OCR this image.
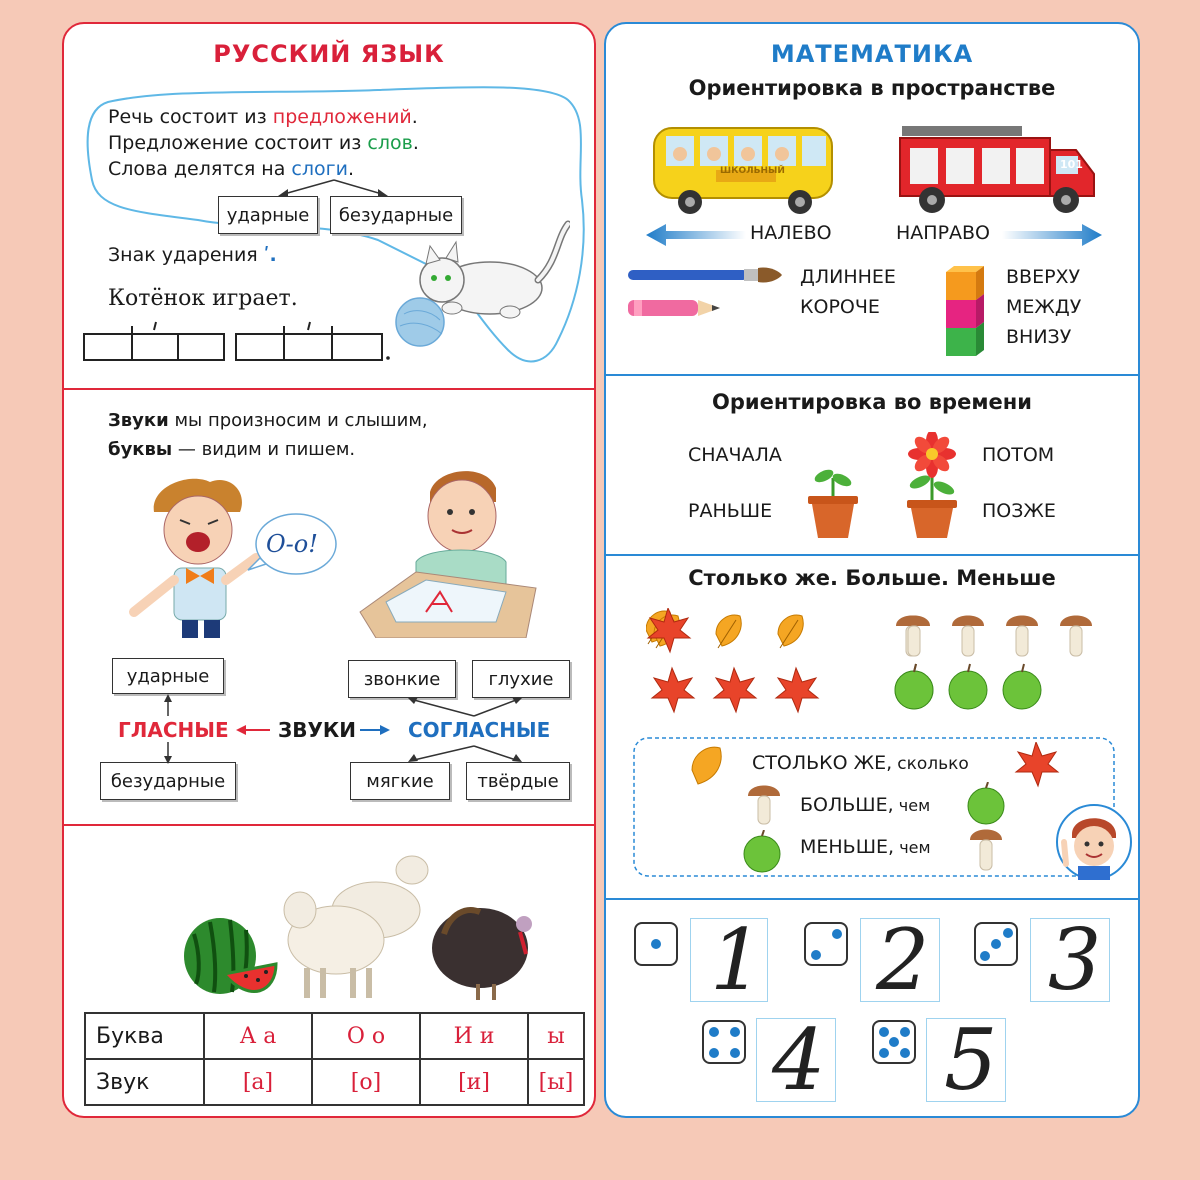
РУССКИЙ ЯЗЫК
Речь состоит из предложений.
Предложение состоит из слов.
Слова делятся на слоги.
ударные	безударные
Знак ударения ʹ.
Котёнок играет.
Звуки мы произносим и слышим,
буквы — видим и пишем.
О-о!
ударные
безударные
звонкие	глухие
мягкие	твёрдые
ГЛАСНЫЕ ЗВУКИ	СОГЛАСНЫЕ
Буква	А а	О о	И и	ы
Звук	[а]	[о]	[и]	[ы]
МАТЕМАТИКА
Ориентировка в пространстве
ШКОЛЬНЫЙ	101
НАЛЕВО	НАПРАВО
ДЛИННЕЕ
КОРОЧЕ
ВВЕРХУ
МЕЖДУ
ВНИЗУ
Ориентировка во времени
СНАЧАЛА
РАНЬШЕ
ПОТОМ
ПОЗЖЕ
Столько же. Больше. Меньше
СТОЛЬКО ЖЕ, сколько
БОЛЬШЕ, чем
МЕНЬШЕ, чем
1 2 3
4 5
